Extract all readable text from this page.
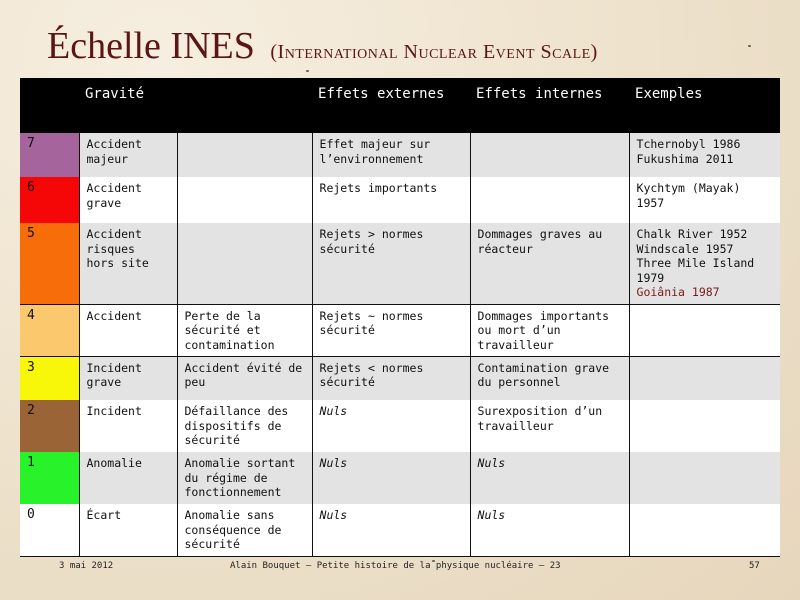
Échelle INES (International Nuclear Event Scale)
	Gravité		Effets externes	Effets internes	Exemples
7	Accident majeur		Effet majeur sur l’environnement		Tchernobyl 1986
Fukushima 2011

6	Accident grave		Rejets importants		Kychtym (Mayak) 1957

5	Accident risques hors site		Rejets > normes sécurité	Dommages graves au réacteur	Chalk River 1952
Windscale 1957
Three Mile Island 1979
Goiânia 1987

4	Accident	Perte de la sécurité et contamination	Rejets ~ normes sécurité	Dommages importants ou mort d’un travailleur	
3	Incident grave	Accident évité de peu	Rejets < normes sécurité	Contamination grave du personnel	
2	Incident	Défaillance des dispositifs de sécurité	Nuls	Surexposition d’un travailleur	
1	Anomalie	Anomalie sortant du régime de fonctionnement	Nuls	Nuls	
0	Écart	Anomalie sans conséquence de sécurité	Nuls	Nuls	
3 mai 2012	Alain Bouquet — Petite histoire de la physique nucléaire — 23	57
